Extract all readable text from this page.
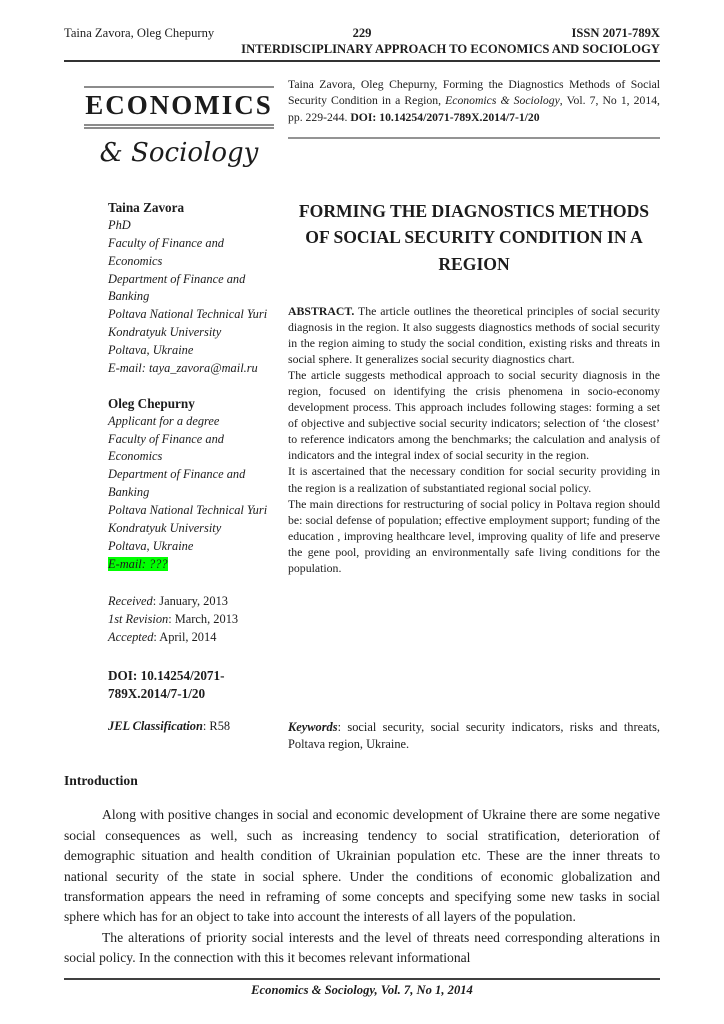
Taina Zavora, Oleg Chepurny	229	ISSN 2071-789X
INTERDISCIPLINARY APPROACH TO ECONOMICS AND SOCIOLOGY
ECONOMICS
& Sociology

Taina Zavora, Oleg Chepurny, Forming the Diagnostics Methods of Social Security Condition in a Region, Economics & Sociology, Vol. 7, No 1, 2014, pp. 229-244. DOI: 10.14254/2071-789X.2014/7-1/20

Taina Zavora
PhD
Faculty of Finance and Economics
Department of Finance and Banking
Poltava National Technical Yuri Kondratyuk University
Poltava, Ukraine
E-mail: taya_zavora@mail.ru
Oleg Chepurny
Applicant for a degree
Faculty of Finance and Economics
Department of Finance and Banking
Poltava National Technical Yuri Kondratyuk University
Poltava, Ukraine
E-mail: ???
Received: January, 2013
1st Revision: March, 2013
Accepted: April, 2014
DOI: 10.14254/2071-789X.2014/7-1/20
FORMING THE DIAGNOSTICS METHODS OF SOCIAL SECURITY CONDITION IN A REGION

ABSTRACT. The article outlines the theoretical principles of social security diagnosis in the region. It also suggests diagnostics methods of social security in the region aiming to study the social condition, existing risks and threats in social sphere. It generalizes social security diagnostics chart.

The article suggests methodical approach to social security diagnosis in the region, focused on identifying the crisis phenomena in socio-economy development process. This approach includes following stages: forming a set of objective and subjective social security indicators; selection of ‘the closest’ to reference indicators among the benchmarks; the calculation and analysis of indicators and the integral index of social security in the region.

It is ascertained that the necessary condition for social security providing in the region is a realization of substantiated regional social policy.

The main directions for restructuring of social policy in Poltava region should be: social defense of population; effective employment support; funding of the education , improving healthcare level, improving quality of life and preserve the gene pool, providing an environmentally safe living conditions for the population.

JEL Classification: R58	Keywords: social security, social security indicators, risks and threats, Poltava region, Ukraine.
Introduction

Along with positive changes in social and economic development of Ukraine there are some negative social consequences as well, such as increasing tendency to social stratification, deterioration of demographic situation and health condition of Ukrainian population etc. These are the inner threats to national security of the state in social sphere. Under the conditions of economic globalization and transformation appears the need in reframing of some concepts and specifying some new tasks in social sphere which has for an object to take into account the interests of all layers of the population.

The alterations of priority social interests and the level of threats need corresponding alterations in social policy. In the connection with this it becomes relevant informational

Economics & Sociology, Vol. 7, No 1, 2014
